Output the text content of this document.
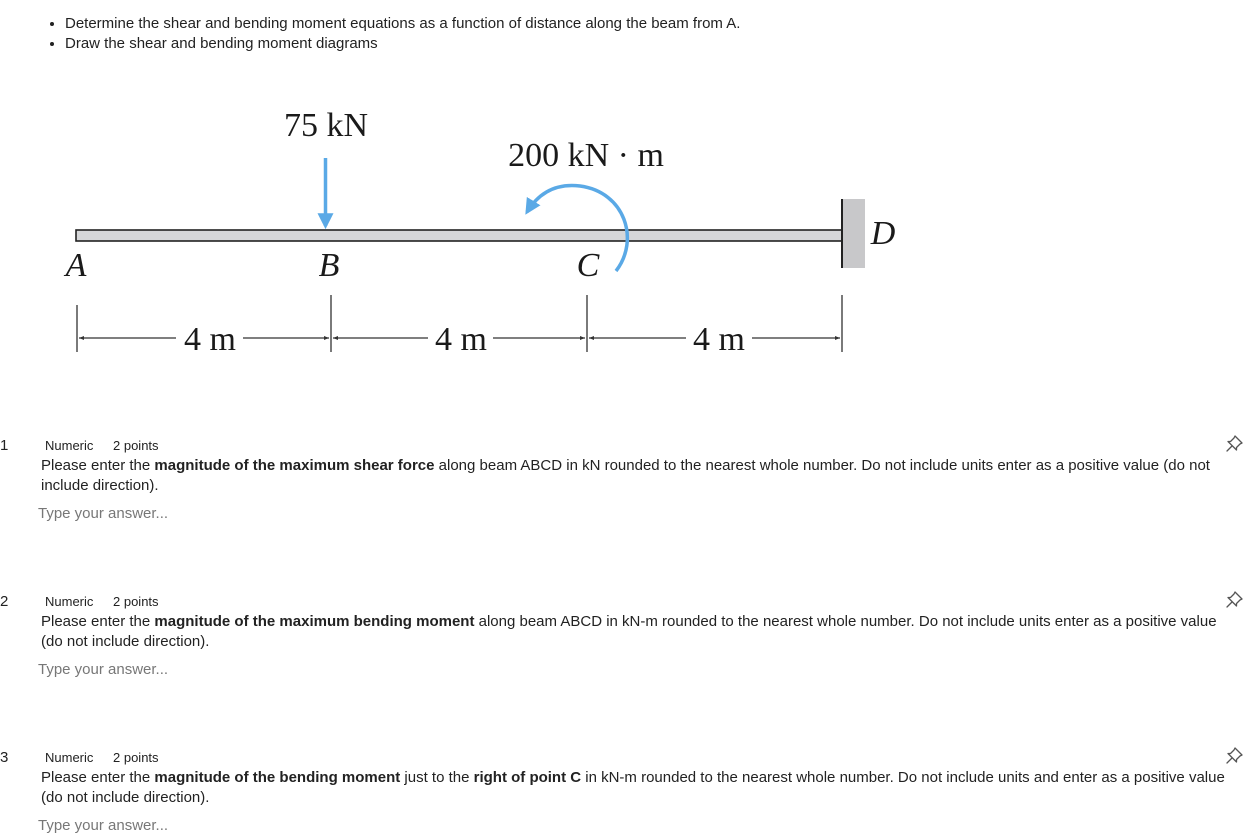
• Determine the shear and bending moment equations as a function of distance along the beam from A.
• Draw the shear and bending moment diagrams
75 kN
200 kN · m
A	B	C
D
4 m	4 m	4 m
1	Numeric 2 points

Please enter the magnitude of the maximum shear force along beam ABCD in kN rounded to the nearest whole number. Do not include units enter as a positive value (do not include direction).

Type your answer...
2	Numeric 2 points

Please enter the magnitude of the maximum bending moment along beam ABCD in kN-m rounded to the nearest whole number. Do not include units enter as a positive value (do not include direction).

Type your answer...
3	Numeric 2 points

Please enter the magnitude of the bending moment just to the right of point C in kN-m rounded to the nearest whole number. Do not include units and enter as a positive value (do not include direction).

Type your answer...
